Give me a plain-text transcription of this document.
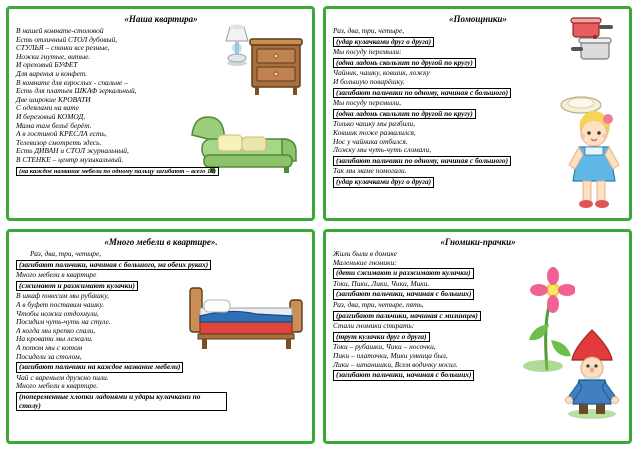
«Наша квартира»
В нашей комнате-столовой
Есть отличный СТОЛ дубовый,
СТУЛЬЯ – спинки все резные,
Ножки гнутые, витые.
И ореховый БУФЕТ
Для варенья и конфет.
В комнате для взрослых - спальне –
Есть для платьев ШКАФ зеркальный,
Две широкие КРОВАТИ
С одеялами на вате
И березовый КОМОД,
Мама там бельё берёт.
А в гостиной КРЕСЛА есть,
Телевизор смотреть здесь.
Есть ДИВАН и СТОЛ журнальный,
В СТЕНКЕ – центр музыкальный.
(на каждое название мебели по одному пальцу загибают – всего 10)
«Помощники»
Раз, два, три, четыре,
(удар кулачками друг о друга)
Мы посуду перемыли:
(одна ладонь скользит по другой по кругу)
Чайник, чашку, ковшик, ложку
И большую поварёшку.
(загибают пальчики по одному, начиная с большого)
Мы посуду перемыли,
(одна ладонь скользит по другой по кругу)
Только чашку мы разбили,
Ковшик тоже развалился,
Нос у чайника отбился.
Ложку мы чуть-чуть сломали,
(загибают пальчики по одному, начиная с большого)
Так мы маме помогали.
(удар кулачками друг о друга)
«Много мебели в квартире».
Раз, два, три, четыре,
(загибают пальчики, начиная с большого, на обеих руках)
Много мебели в квартире
(сжимают и разжимают кулачки)
В шкаф повесим мы рубашку,
А в буфет поставим чашку.
Чтобы ножки отдохнули,
Посидим чуть-чуть на стуле.
А когда мы крепко спали,
На кровати мы лежали.
А потом мы с котом
Посидели за столом,
(загибают пальчики на каждое название мебели)
Чай с вареньем дружно пили.
Много мебели в квартире.
(попеременные хлопки ладонями и удары кулачками по столу)
«Гномики-прачки»
Жили были в домике
Маленькие гномики:
(дети сжимают и разжимают кулачки)
Токи, Пики, Лики, Чики, Мики.
(загибают пальчики, начиная с больших)
Раз, два, три, четыре, пять,
(разгибают пальчики, начиная с мизинцев)
Стали гномики стирать:
(трут кулачки друг о друга)
Токи – рубашки, Чики – носочки,
Пики – платочки, Мики умница был,
Лики – штанишки, Всем водичку носил.
(загибают пальчики, начиная с больших)
